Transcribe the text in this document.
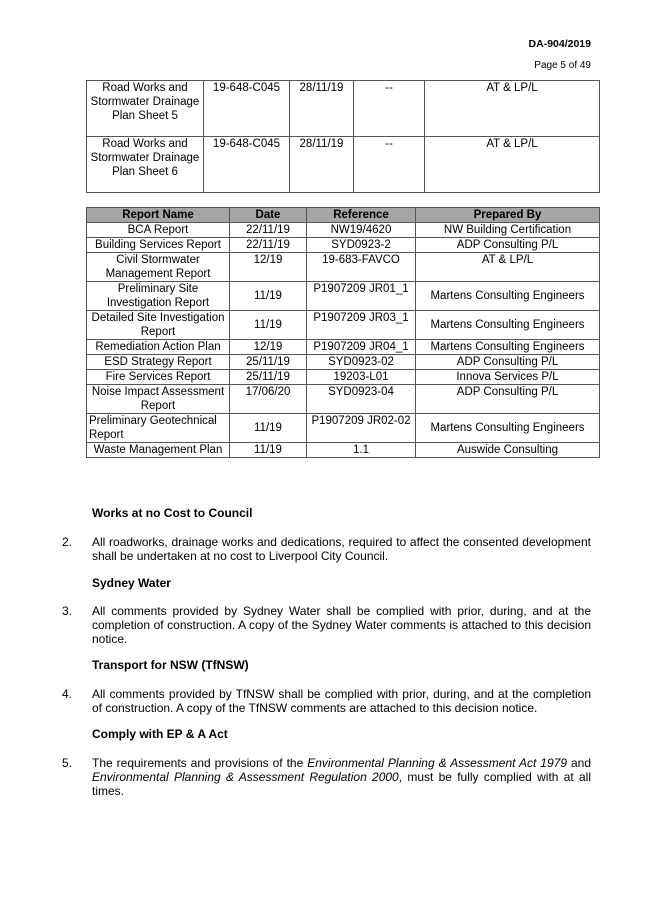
DA-904/2019
Page 5 of 49
Road Works and Stormwater Drainage Plan Sheet 5	19-648-C045	28/11/19	--	AT & LP/L
Road Works and Stormwater Drainage Plan Sheet 6	19-648-C045	28/11/19	--	AT & LP/L
Report Name	Date	Reference	Prepared By
BCA Report	22/11/19	NW19/4620	NW Building Certification
Building Services Report	22/11/19	SYD0923-2	ADP Consulting P/L
Civil Stormwater Management Report	12/19	19-683-FAVCO	AT & LP/L
Preliminary Site Investigation Report	11/19	P1907209 JR01_1	Martens Consulting Engineers
Detailed Site Investigation Report	11/19	P1907209 JR03_1	Martens Consulting Engineers
Remediation Action Plan	12/19	P1907209 JR04_1	Martens Consulting Engineers
ESD Strategy Report	25/11/19	SYD0923-02	ADP Consulting P/L
Fire Services Report	25/11/19	19203-L01	Innova Services P/L
Noise Impact Assessment Report	17/06/20	SYD0923-04	ADP Consulting P/L
Preliminary Geotechnical Report	11/19	P1907209 JR02-02	Martens Consulting Engineers
Waste Management Plan	11/19	1.1	Auswide Consulting
Works at no Cost to Council
2. All roadworks, drainage works and dedications, required to affect the consented development shall be undertaken at no cost to Liverpool City Council.
Sydney Water
3. All comments provided by Sydney Water shall be complied with prior, during, and at the completion of construction. A copy of the Sydney Water comments is attached to this decision notice.
Transport for NSW (TfNSW)
4. All comments provided by TfNSW shall be complied with prior, during, and at the completion of construction. A copy of the TfNSW comments are attached to this decision notice.
Comply with EP & A Act
5. The requirements and provisions of the Environmental Planning & Assessment Act 1979 and Environmental Planning & Assessment Regulation 2000, must be fully complied with at all times.
